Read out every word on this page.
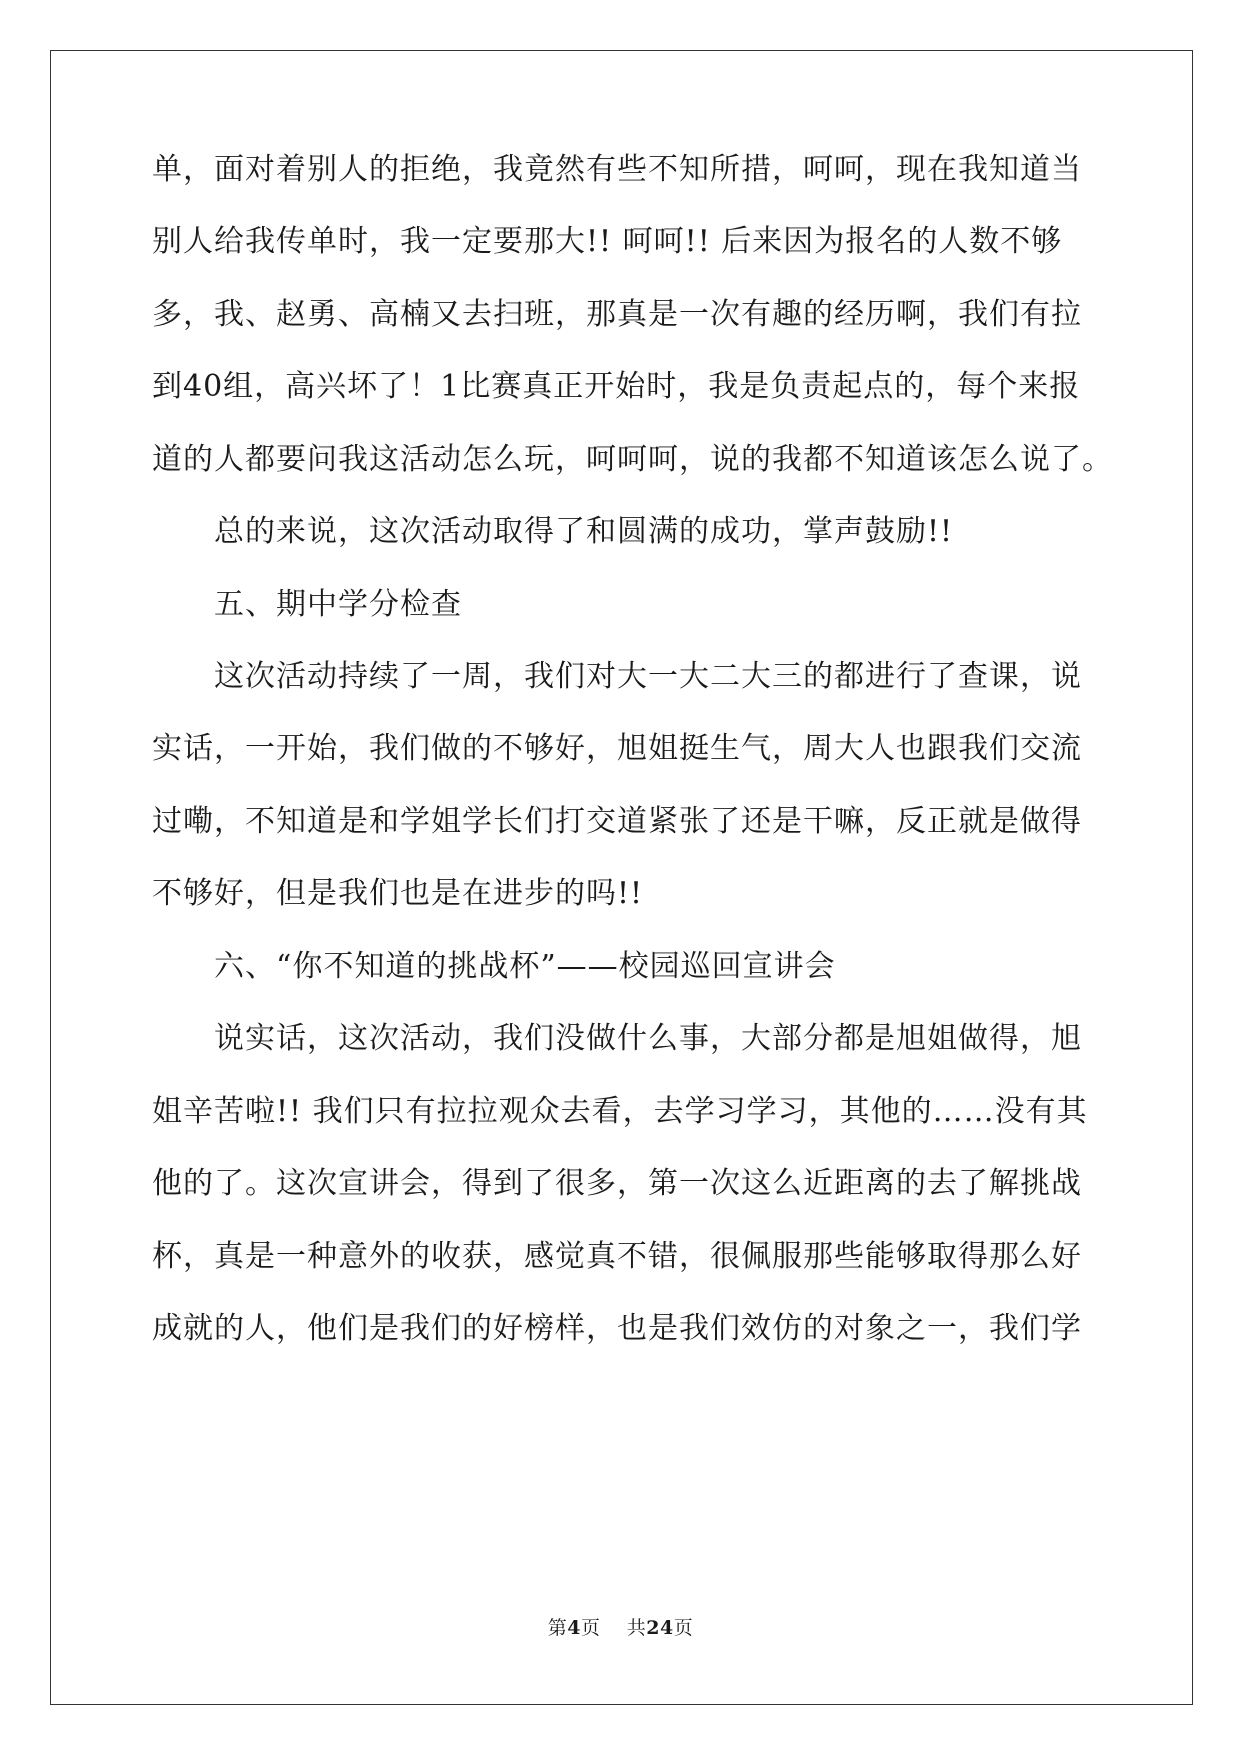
单，面对着别人的拒绝，我竟然有些不知所措，呵呵，现在我知道当
别人给我传单时，我一定要那大!! 呵呵!! 后来因为报名的人数不够
多，我、赵勇、高楠又去扫班，那真是一次有趣的经历啊，我们有拉
到40组，高兴坏了！1比赛真正开始时，我是负责起点的，每个来报
道的人都要问我这活动怎么玩，呵呵呵，说的我都不知道该怎么说了。
总的来说，这次活动取得了和圆满的成功，掌声鼓励!!
五、期中学分检查
这次活动持续了一周，我们对大一大二大三的都进行了查课，说
实话，一开始，我们做的不够好，旭姐挺生气，周大人也跟我们交流
过嘞，不知道是和学姐学长们打交道紧张了还是干嘛，反正就是做得
不够好，但是我们也是在进步的吗!!
六、“你不知道的挑战杯”——校园巡回宣讲会
说实话，这次活动，我们没做什么事，大部分都是旭姐做得，旭
姐辛苦啦!! 我们只有拉拉观众去看，去学习学习，其他的……没有其
他的了。这次宣讲会，得到了很多，第一次这么近距离的去了解挑战
杯，真是一种意外的收获，感觉真不错，很佩服那些能够取得那么好
成就的人，他们是我们的好榜样，也是我们效仿的对象之一，我们学
第4页 共24页
